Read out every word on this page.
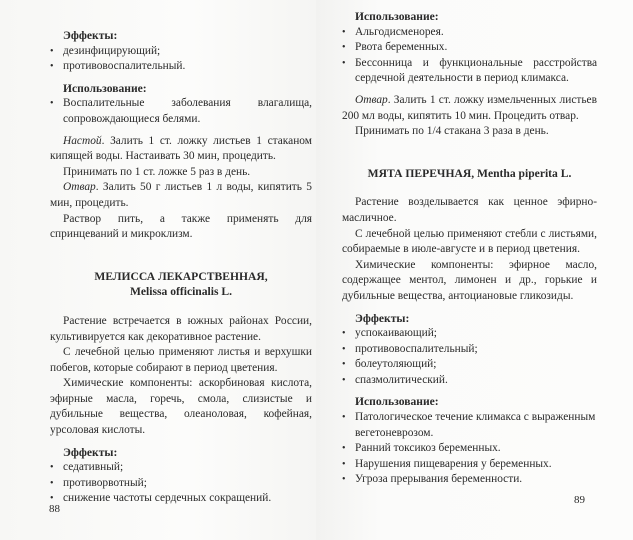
Эффекты:
• дезинфицирующий;
• противовоспалительный.
Использование:
• Воспалительные заболевания влагалища, сопровождающиеся белями.

Настой. Залить 1 ст. ложку листьев 1 стаканом кипящей воды. Настаивать 30 мин, процедить.

Принимать по 1 ст. ложке 5 раз в день.

Отвар. Залить 50 г листьев 1 л воды, кипятить 5 мин, процедить.

Раствор пить, а также применять для спринцеваний и микроклизм.

МЕЛИССА ЛЕКАРСТВЕННАЯ,
Melissa officinalis L.

Растение встречается в южных районах России, культивируется как декоративное растение.

С лечебной целью применяют листья и верхушки побегов, которые собирают в период цветения.

Химические компоненты: аскорбиновая кислота, эфирные масла, горечь, смола, слизистые и дубильные вещества, олеаноловая, кофейная, урсоловая кислоты.

Эффекты:
• седативный;
• противорвотный;
• снижение частоты сердечных сокращений.
88
Использование:
• Альгодисменорея.
• Рвота беременных.
• Бессонница и функциональные расстройства сердечной деятельности в период климакса.

Отвар. Залить 1 ст. ложку измельченных листьев 200 мл воды, кипятить 10 мин. Процедить отвар.

Принимать по 1/4 стакана 3 раза в день.

МЯТА ПЕРЕЧНАЯ, Mentha piperita L.

Растение возделывается как ценное эфирно-масличное.

С лечебной целью применяют стебли с листьями, собираемые в июле-августе и в период цветения.

Химические компоненты: эфирное масло, содержащее ментол, лимонен и др., горькие и дубильные вещества, антоциановые гликозиды.

Эффекты:
• успокаивающий;
• противовоспалительный;
• болеутоляющий;
• спазмолитический.
Использование:
• Патологическое течение климакса с выраженным вегетоневрозом.
• Ранний токсикоз беременных.
• Нарушения пищеварения у беременных.
• Угроза прерывания беременности.
89
